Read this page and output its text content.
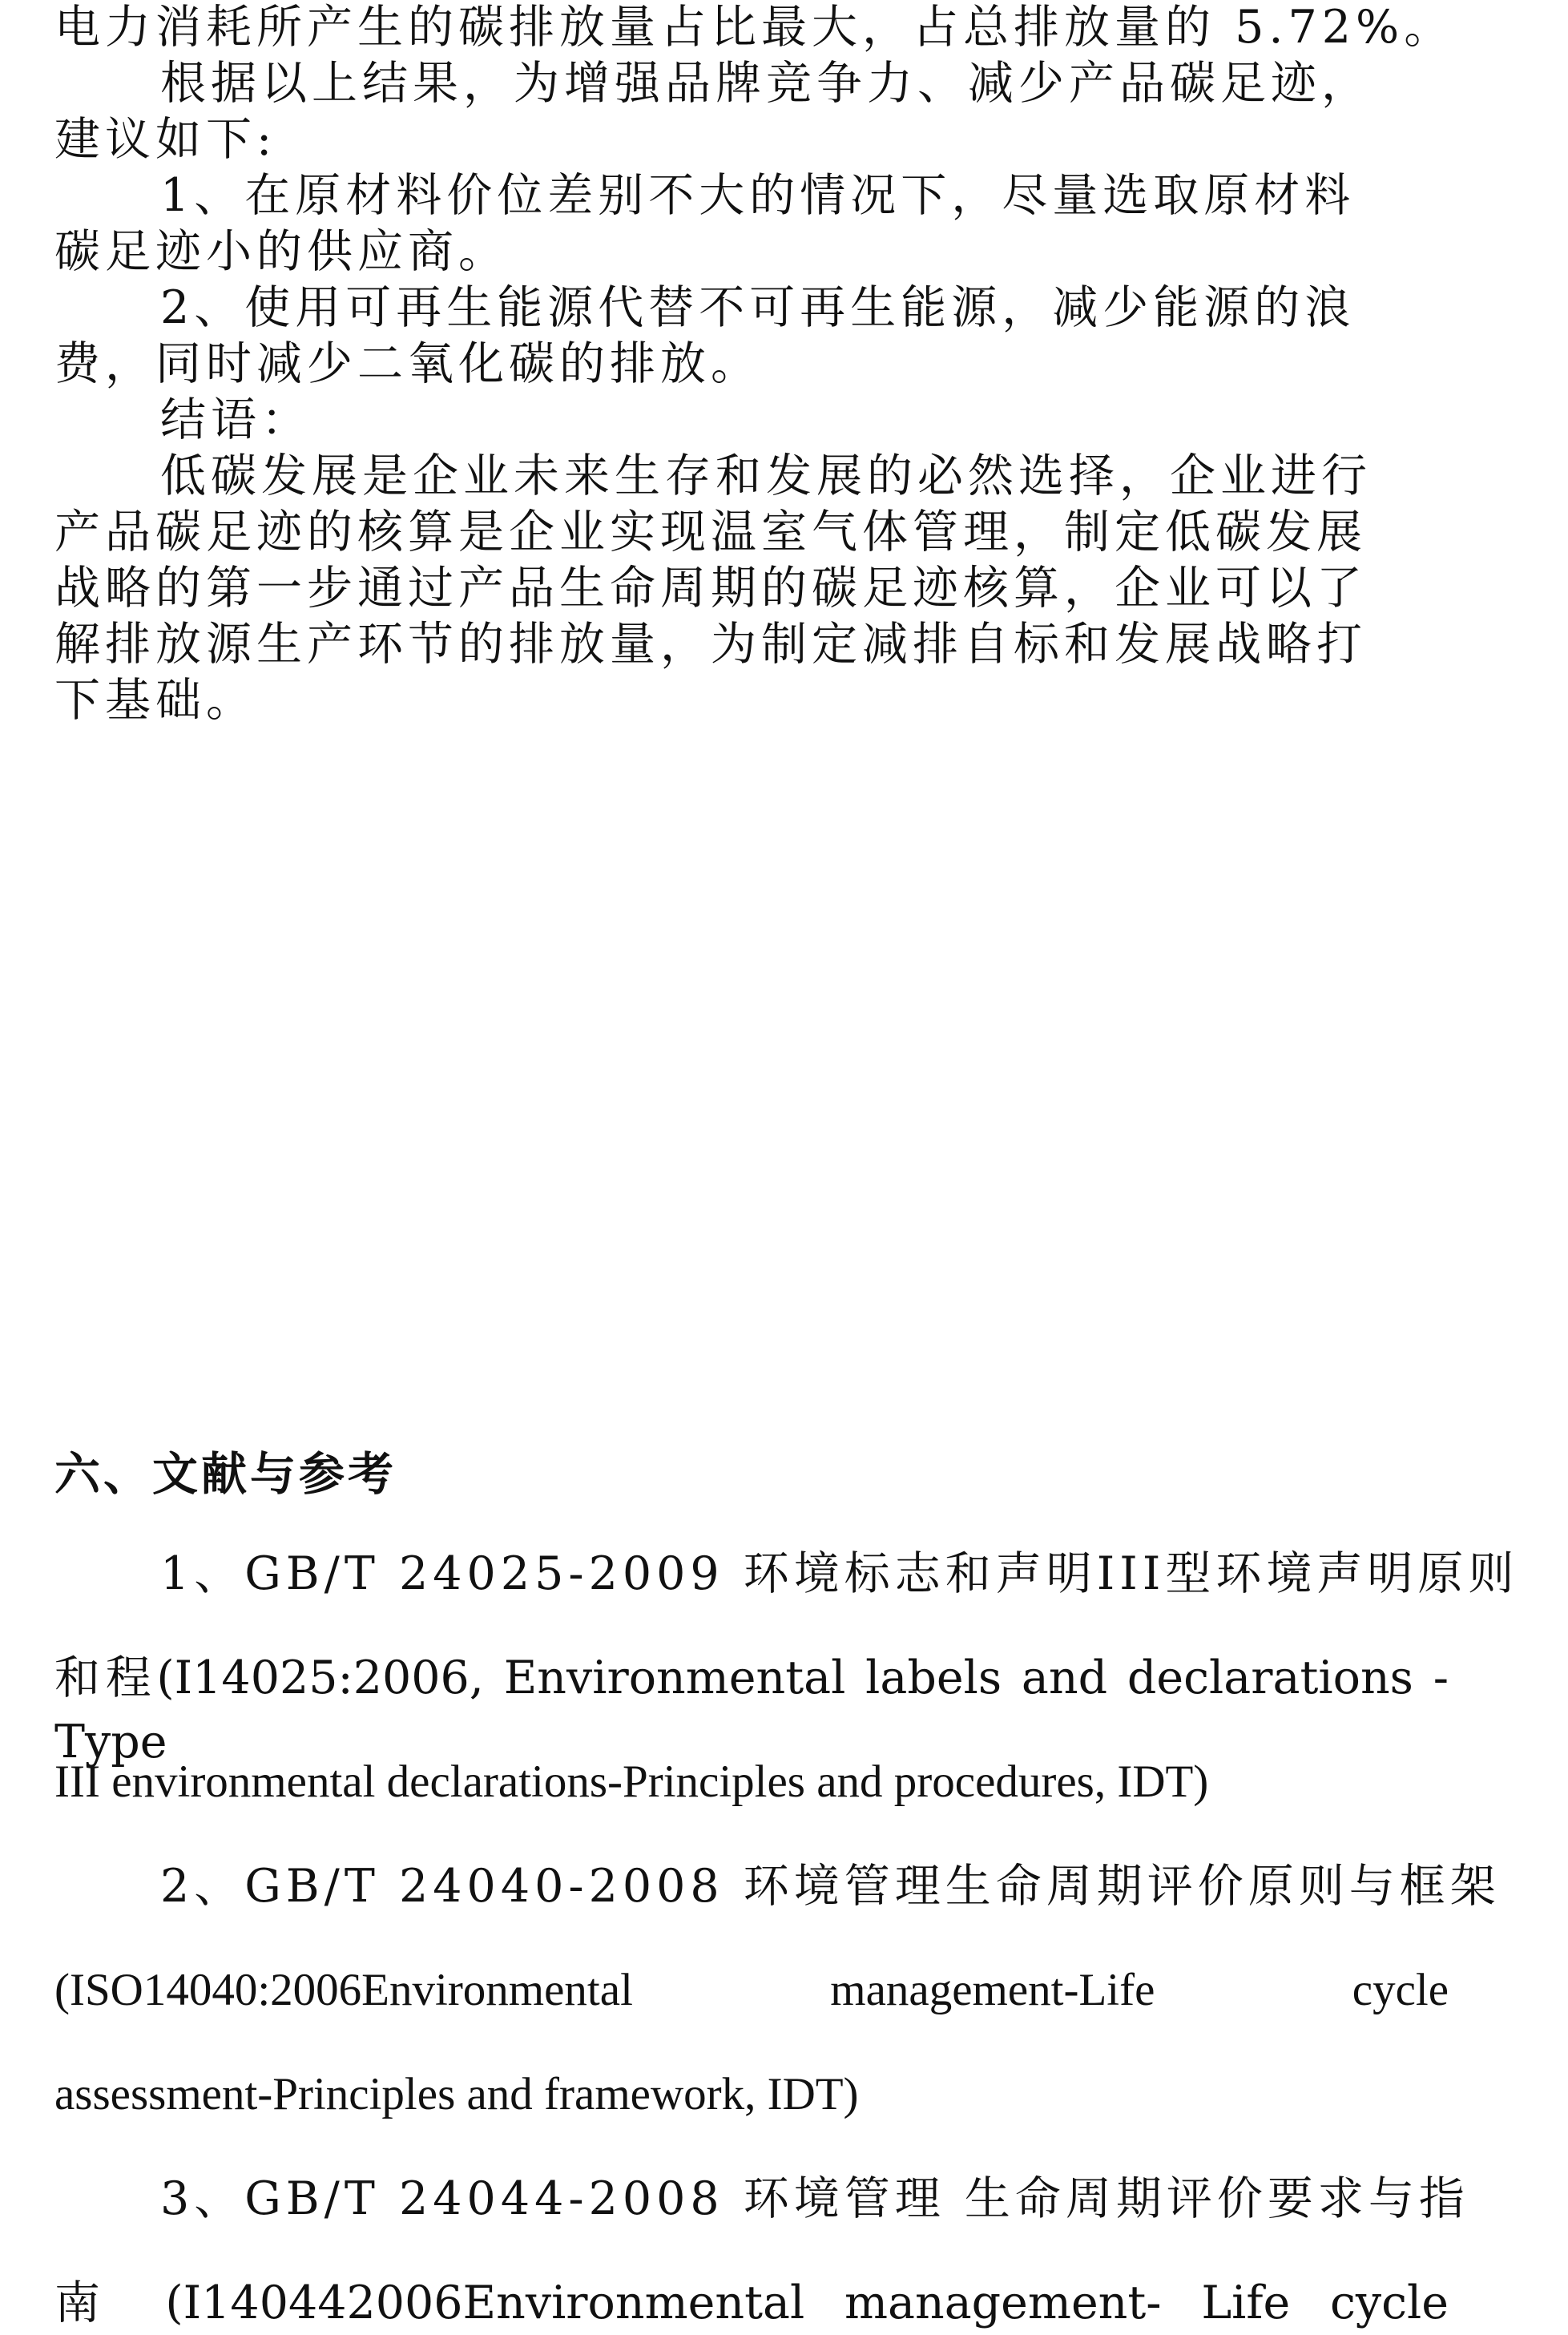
电力消耗所产生的碳排放量占比最大，占总排放量的 5.72%。
根据以上结果，为增强品牌竞争力、减少产品碳足迹，
建议如下:
1、在原材料价位差别不大的情况下，尽量选取原材料
碳足迹小的供应商。
2、使用可再生能源代替不可再生能源，减少能源的浪
费，同时减少二氧化碳的排放。
结语：
低碳发展是企业未来生存和发展的必然选择，企业进行
产品碳足迹的核算是企业实现温室气体管理，制定低碳发展
战略的第一步通过产品生命周期的碳足迹核算，企业可以了
解排放源生产环节的排放量，为制定减排自标和发展战略打
下基础。
六、文献与参考
1、GB/T 24025-2009 环境标志和声明III型环境声明原则
和程(I14025:2006, Environmental labels and declarations -Type
III environmental declarations-Principles and procedures, IDT)
2、GB/T 24040-2008 环境管理生命周期评价原则与框架
(ISO14040:2006Environmental management-Life cycle
assessment-Principles and framework, IDT)
3、GB/T 24044-2008 环境管理 生命周期评价要求与指
南 (I140442006Environmental management- Life cycle
